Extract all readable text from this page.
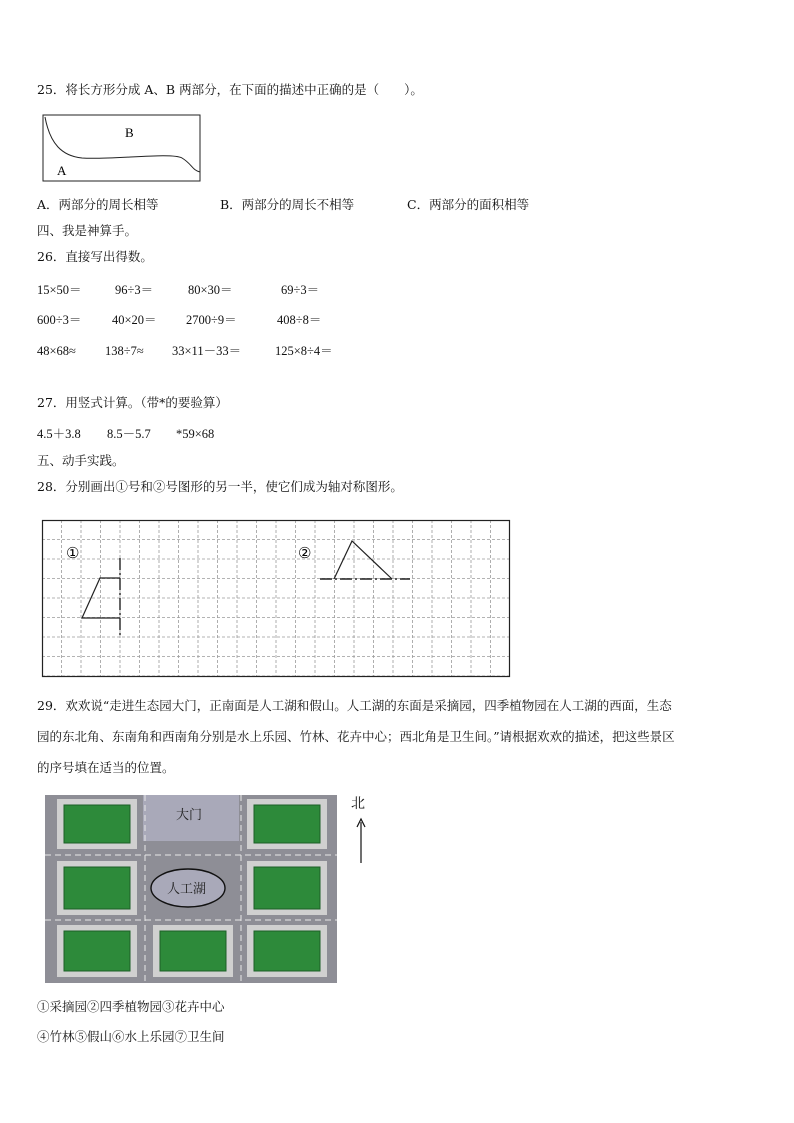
25．将长方形分成 A、B 两部分，在下面的描述中正确的是（　　）。
B
A
A．两部分的周长相等	B．两部分的周长不相等	C．两部分的面积相等
四、我是神算手。
26．直接写出得数。
15×50＝	96÷3＝	80×30＝	69÷3＝
600÷3＝ 40×20＝ 2700÷9＝	408÷8＝
48×68≈ 138÷7≈ 33×11－33＝	125×8÷4＝
27．用竖式计算。（带*的要验算）
4.5＋3.8 8.5－5.7 *59×68
五、动手实践。
28．分别画出①号和②号图形的另一半，使它们成为轴对称图形。
①	②
29．欢欢说“走进生态园大门，正南面是人工湖和假山。人工湖的东面是采摘园，四季植物园在人工湖的西面，生态
园的东北角、东南角和西南角分别是水上乐园、竹林、花卉中心；西北角是卫生间。”请根据欢欢的描述，把这些景区
的序号填在适当的位置。
大门
人工湖
北
①采摘园②四季植物园③花卉中心
④竹林⑤假山⑥水上乐园⑦卫生间
